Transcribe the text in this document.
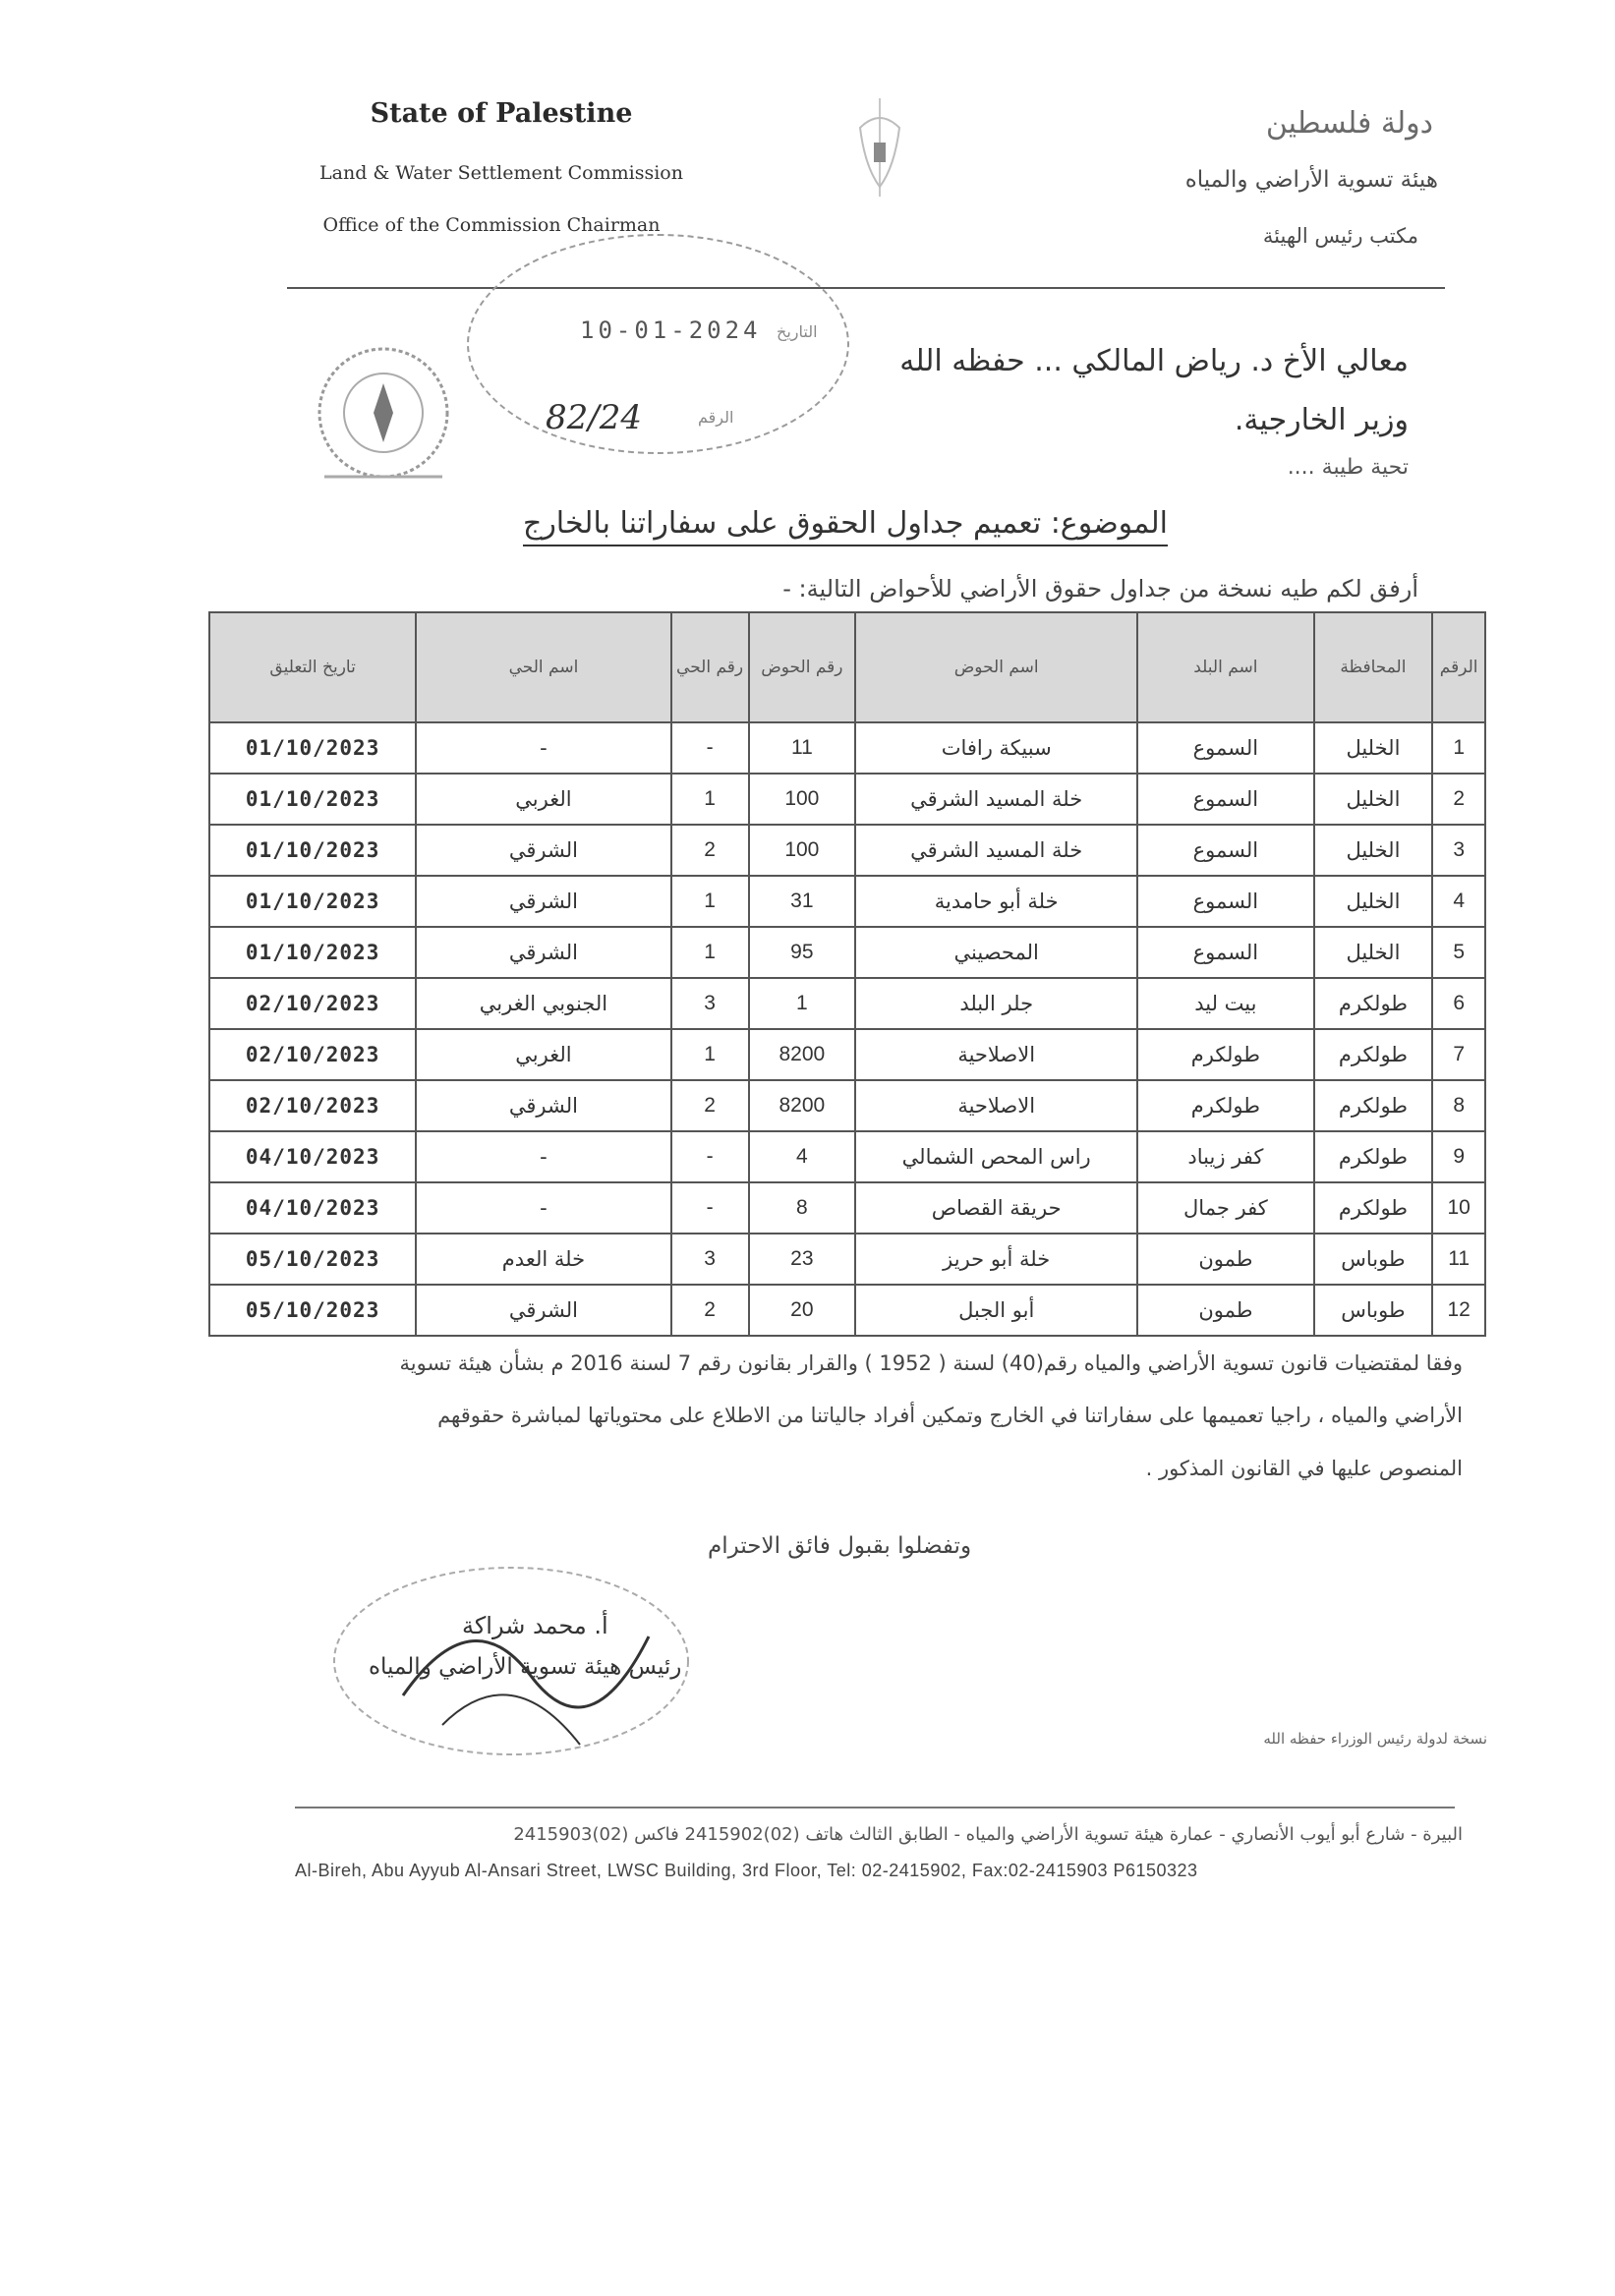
State of Palestine
Land & Water Settlement Commission
Office of the Commission Chairman
دولة فلسطين
هيئة تسوية الأراضي والمياه
مكتب رئيس الهيئة
10-01-2024 التاريخ
82/24	الرقم
معالي الأخ د. رياض المالكي ... حفظه الله
وزير الخارجية.
تحية طيبة ....
الموضوع: تعميم جداول الحقوق على سفاراتنا بالخارج
أرفق لكم طيه نسخة من جداول حقوق الأراضي للأحواض التالية: -
الرقم	المحافظة	اسم البلد	اسم الحوض	رقم الحوض	رقم الحي	اسم الحي	تاريخ التعليق
1	الخليل	السموع	سبيكة رافات	11	-	-	01/10/2023
2	الخليل	السموع	خلة المسيد الشرقي	100	1	الغربي	01/10/2023
3	الخليل	السموع	خلة المسيد الشرقي	100	2	الشرقي	01/10/2023
4	الخليل	السموع	خلة أبو حامدية	31	1	الشرقي	01/10/2023
5	الخليل	السموع	المحصيني	95	1	الشرقي	01/10/2023
6	طولكرم	بيت ليد	جلر البلد	1	3	الجنوبي الغربي	02/10/2023
7	طولكرم	طولكرم	الاصلاحية	8200	1	الغربي	02/10/2023
8	طولكرم	طولكرم	الاصلاحية	8200	2	الشرقي	02/10/2023
9	طولكرم	كفر زيباد	راس المحص الشمالي	4	-	-	04/10/2023
10	طولكرم	كفر جمال	حريقة القصاص	8	-	-	04/10/2023
11	طوباس	طمون	خلة أبو حريز	23	3	خلة العدم	05/10/2023
12	طوباس	طمون	أبو الجبل	20	2	الشرقي	05/10/2023
وفقا لمقتضيات قانون تسوية الأراضي والمياه رقم(40) لسنة ( 1952 ) والقرار بقانون رقم 7 لسنة 2016 م بشأن هيئة تسوية
الأراضي والمياه ، راجيا تعميمها على سفاراتنا في الخارج وتمكين أفراد جالياتنا من الاطلاع على محتوياتها لمباشرة حقوقهم
المنصوص عليها في القانون المذكور .
وتفضلوا بقبول فائق الاحترام
أ. محمد شراكة
رئيس هيئة تسوية الأراضي والمياه
نسخة لدولة رئيس الوزراء حفظه الله
البيرة - شارع أبو أيوب الأنصاري - عمارة هيئة تسوية الأراضي والمياه - الطابق الثالث هاتف (02)2415902 فاكس (02)2415903
Al-Bireh, Abu Ayyub Al-Ansari Street, LWSC Building, 3rd Floor, Tel: 02-2415902, Fax:02-2415903 P6150323
